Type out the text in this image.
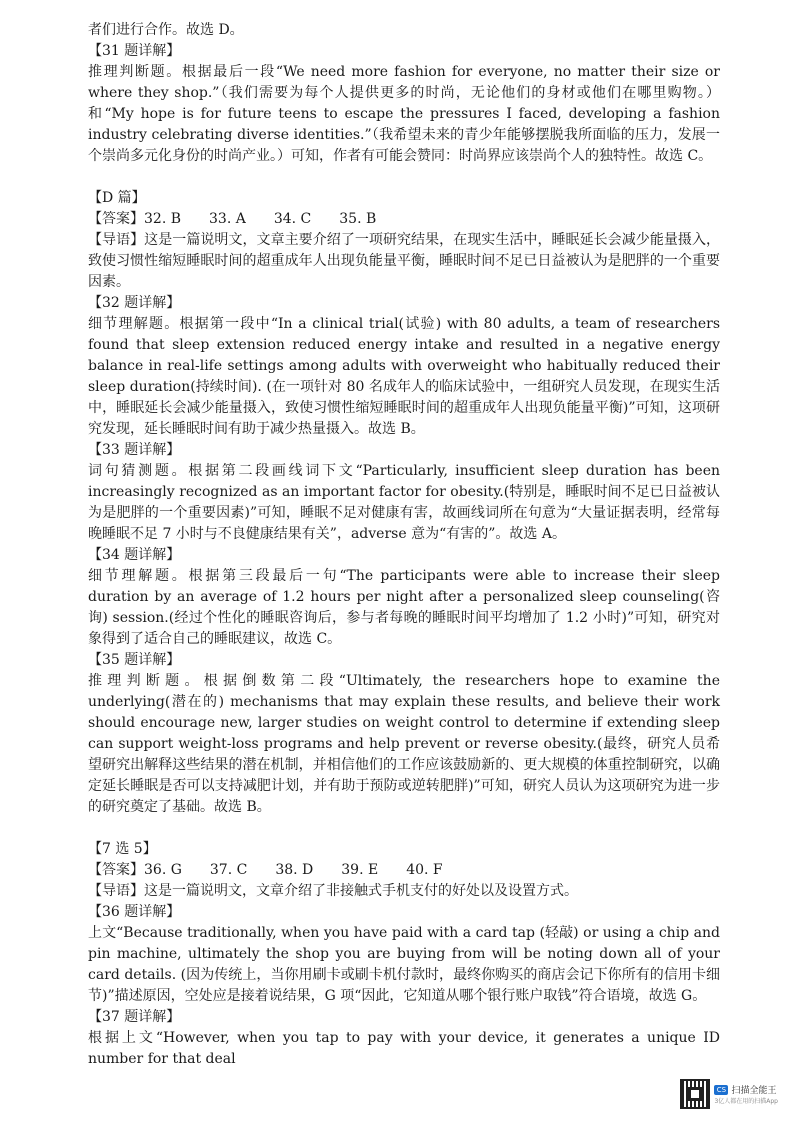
者们进行合作。故选 D。

【31 题详解】

推理判断题。根据最后一段“We need more fashion for everyone, no matter their size or where they shop.”（我们需要为每个人提供更多的时尚，无论他们的身材或他们在哪里购物。）和“My hope is for future teens to escape the pressures I faced, developing a fashion industry celebrating diverse identities.”（我希望未来的青少年能够摆脱我所面临的压力，发展一个崇尚多元化身份的时尚产业。）可知，作者有可能会赞同：时尚界应该崇尚个人的独特性。故选 C。

【D 篇】

【答案】32. B　　33. A　　34. C　　35. B

【导语】这是一篇说明文，文章主要介绍了一项研究结果，在现实生活中，睡眠延长会减少能量摄入，致使习惯性缩短睡眠时间的超重成年人出现负能量平衡，睡眠时间不足已日益被认为是肥胖的一个重要因素。

【32 题详解】

细节理解题。根据第一段中“In a clinical trial(试验) with 80 adults, a team of researchers found that sleep extension reduced energy intake and resulted in a negative energy balance in real-life settings among adults with overweight who habitually reduced their sleep duration(持续时间). (在一项针对 80 名成年人的临床试验中，一组研究人员发现，在现实生活中，睡眠延长会减少能量摄入，致使习惯性缩短睡眠时间的超重成年人出现负能量平衡)”可知，这项研究发现，延长睡眠时间有助于减少热量摄入。故选 B。

【33 题详解】

词句猜测题。根据第二段画线词下文“Particularly, insufficient sleep duration has been increasingly recognized as an important factor for obesity.(特别是，睡眠时间不足已日益被认为是肥胖的一个重要因素)”可知，睡眠不足对健康有害，故画线词所在句意为“大量证据表明，经常每晚睡眠不足 7 小时与不良健康结果有关”，adverse 意为“有害的”。故选 A。

【34 题详解】

细节理解题。根据第三段最后一句“The participants were able to increase their sleep duration by an average of 1.2 hours per night after a personalized sleep counseling(咨询) session.(经过个性化的睡眠咨询后，参与者每晚的睡眠时间平均增加了 1.2 小时)”可知，研究对象得到了适合自己的睡眠建议，故选 C。

【35 题详解】

推理判断题。根据倒数第二段“Ultimately, the researchers hope to examine the underlying(潜在的) mechanisms that may explain these results, and believe their work should encourage new, larger studies on weight control to determine if extending sleep can support weight-loss programs and help prevent or reverse obesity.(最终，研究人员希望研究出解释这些结果的潜在机制，并相信他们的工作应该鼓励新的、更大规模的体重控制研究，以确定延长睡眠是否可以支持减肥计划，并有助于预防或逆转肥胖)”可知，研究人员认为这项研究为进一步的研究奠定了基础。故选 B。

【7 选 5】

【答案】36. G　　37. C　　38. D　　39. E　　40. F

【导语】这是一篇说明文，文章介绍了非接触式手机支付的好处以及设置方式。

【36 题详解】

上文“Because traditionally, when you have paid with a card tap (轻敲) or using a chip and pin machine, ultimately the shop you are buying from will be noting down all of your card details. (因为传统上，当你用刷卡或刷卡机付款时，最终你购买的商店会记下你所有的信用卡细节)”描述原因，空处应是接着说结果，G 项“因此，它知道从哪个银行账户取钱”符合语境，故选 G。

【37 题详解】

根据上文“However, when you tap to pay with your device, it generates a unique ID number for that deal

CS 扫描全能王
3亿人都在用的扫描App
